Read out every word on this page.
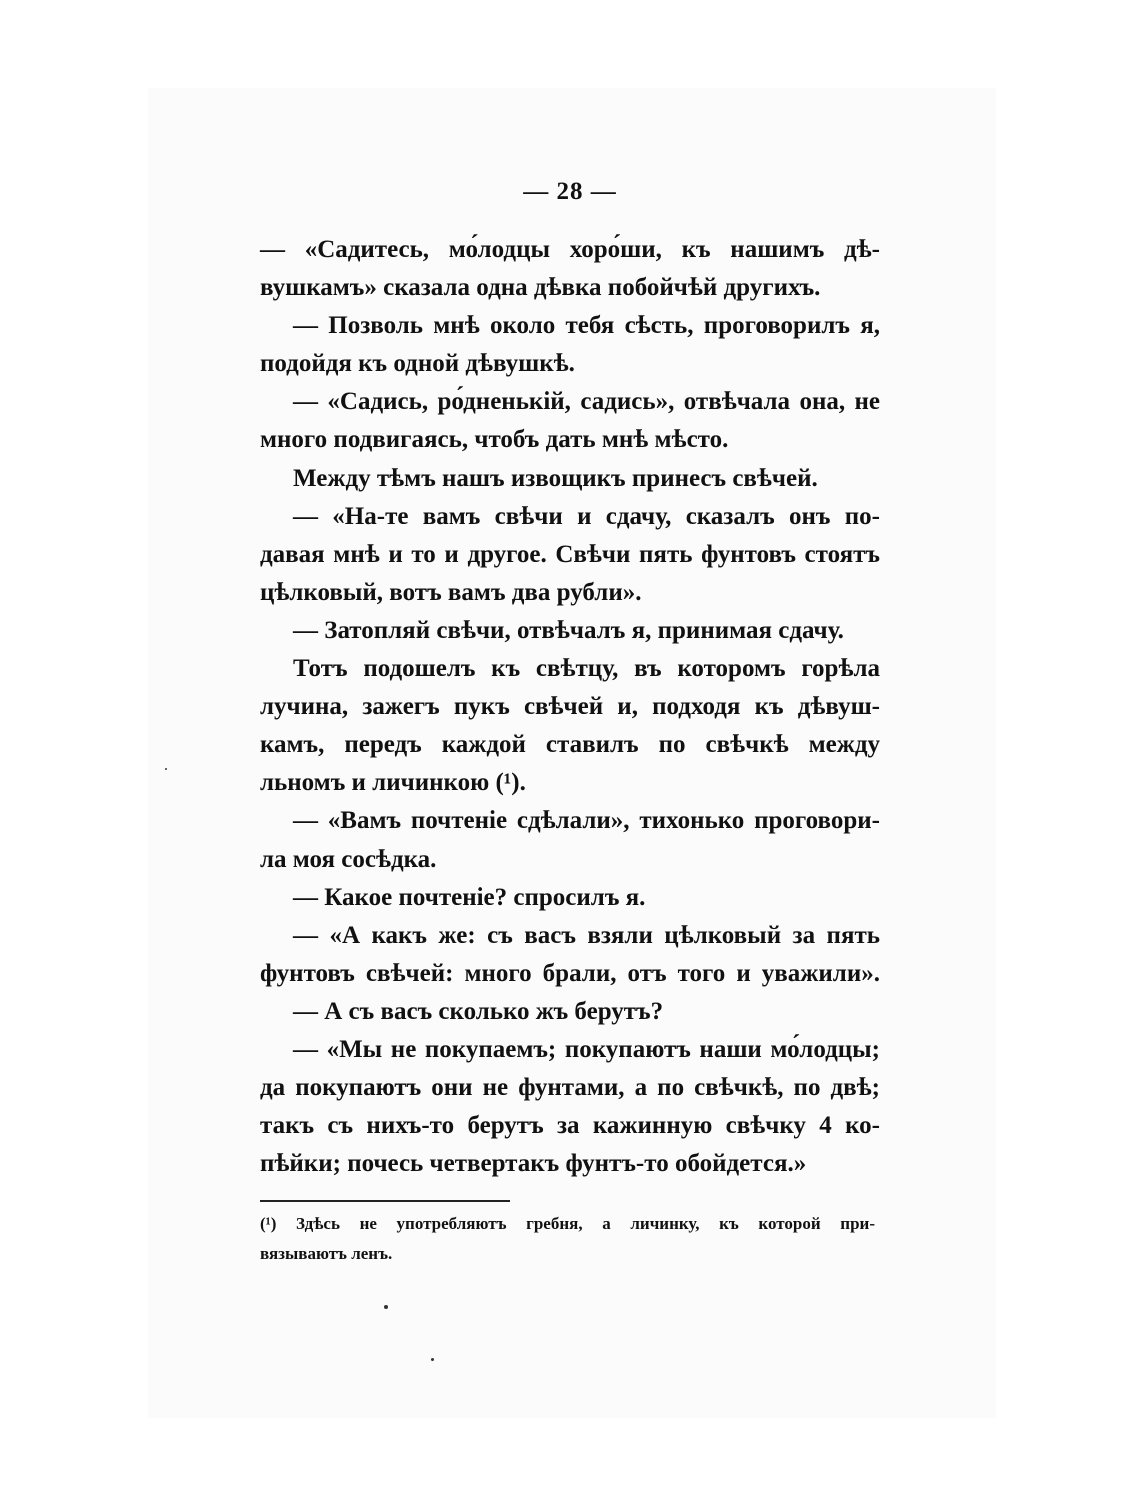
— 28 —
— «Садитесь, мо́лодцы хоро́ши, къ нашимъ дѣ-
вушкамъ» сказала одна дѣвка побойчѣй другихъ.
— Позволь мнѣ около тебя сѣсть, проговорилъ я,
подойдя къ одной дѣвушкѣ.
— «Садись, ро́дненькій, садись», отвѣчала она, не
много подвигаясь, чтобъ дать мнѣ мѣсто.
Между тѣмъ нашъ извощикъ принесъ свѣчей.
— «На-те вамъ свѣчи и сдачу, сказалъ онъ по-
давая мнѣ и то и другое. Свѣчи пять фунтовъ стоятъ
цѣлковый, вотъ вамъ два рубли».
— Затопляй свѣчи, отвѣчалъ я, принимая сдачу.
Тотъ подошелъ къ свѣтцу, въ которомъ горѣла
лучина, зажегъ пукъ свѣчей и, подходя къ дѣвуш-
камъ, передъ каждой ставилъ по свѣчкѣ между
льномъ и личинкою (¹).
— «Вамъ почтеніе сдѣлали», тихонько проговори-
ла моя сосѣдка.
— Какое почтеніе? спросилъ я.
— «А какъ же: съ васъ взяли цѣлковый за пять
фунтовъ свѣчей: много брали, отъ того и уважили».
— А съ васъ сколько жъ берутъ?
— «Мы не покупаемъ; покупаютъ наши мо́лодцы;
да покупаютъ они не фунтами, а по свѣчкѣ, по двѣ;
такъ съ нихъ-то берутъ за кажинную свѣчку 4 ко-
пѣйки; почесь четвертакъ фунтъ-то обойдется.»
(¹) Здѣсь не употребляютъ гребня, а личинку, къ которой при-
вязываютъ ленъ.
